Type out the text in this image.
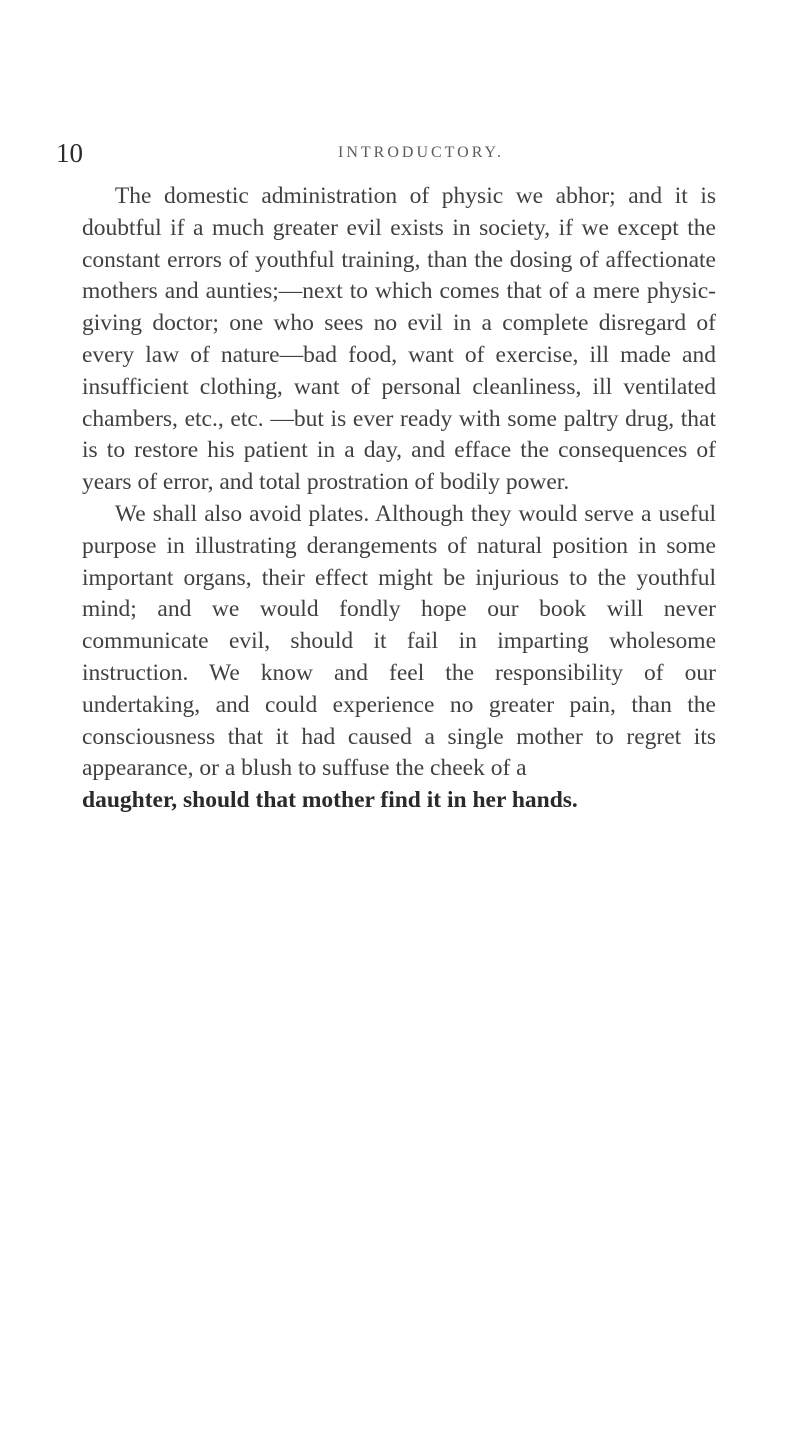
10	INTRODUCTORY.

The domestic administration of physic we abhor; and it is doubtful if a much greater evil exists in society, if we except the constant errors of youthful training, than the dosing of affectionate mothers and aunties;—next to which comes that of a mere physic-giving doctor; one who sees no evil in a complete disregard of every law of nature—bad food, want of exercise, ill made and insufficient clothing, want of personal cleanliness, ill ventilated chambers, etc., etc. —but is ever ready with some paltry drug, that is to restore his patient in a day, and efface the consequences of years of error, and total prostration of bodily power.

We shall also avoid plates. Although they would serve a useful purpose in illustrating derangements of natural position in some important organs, their effect might be injurious to the youthful mind; and we would fondly hope our book will never communicate evil, should it fail in imparting wholesome instruction. We know and feel the responsibility of our undertaking, and could experience no greater pain, than the consciousness that it had caused a single mother to regret its appearance, or a blush to suffuse the cheek of a

daughter, should that mother find it in her hands.
